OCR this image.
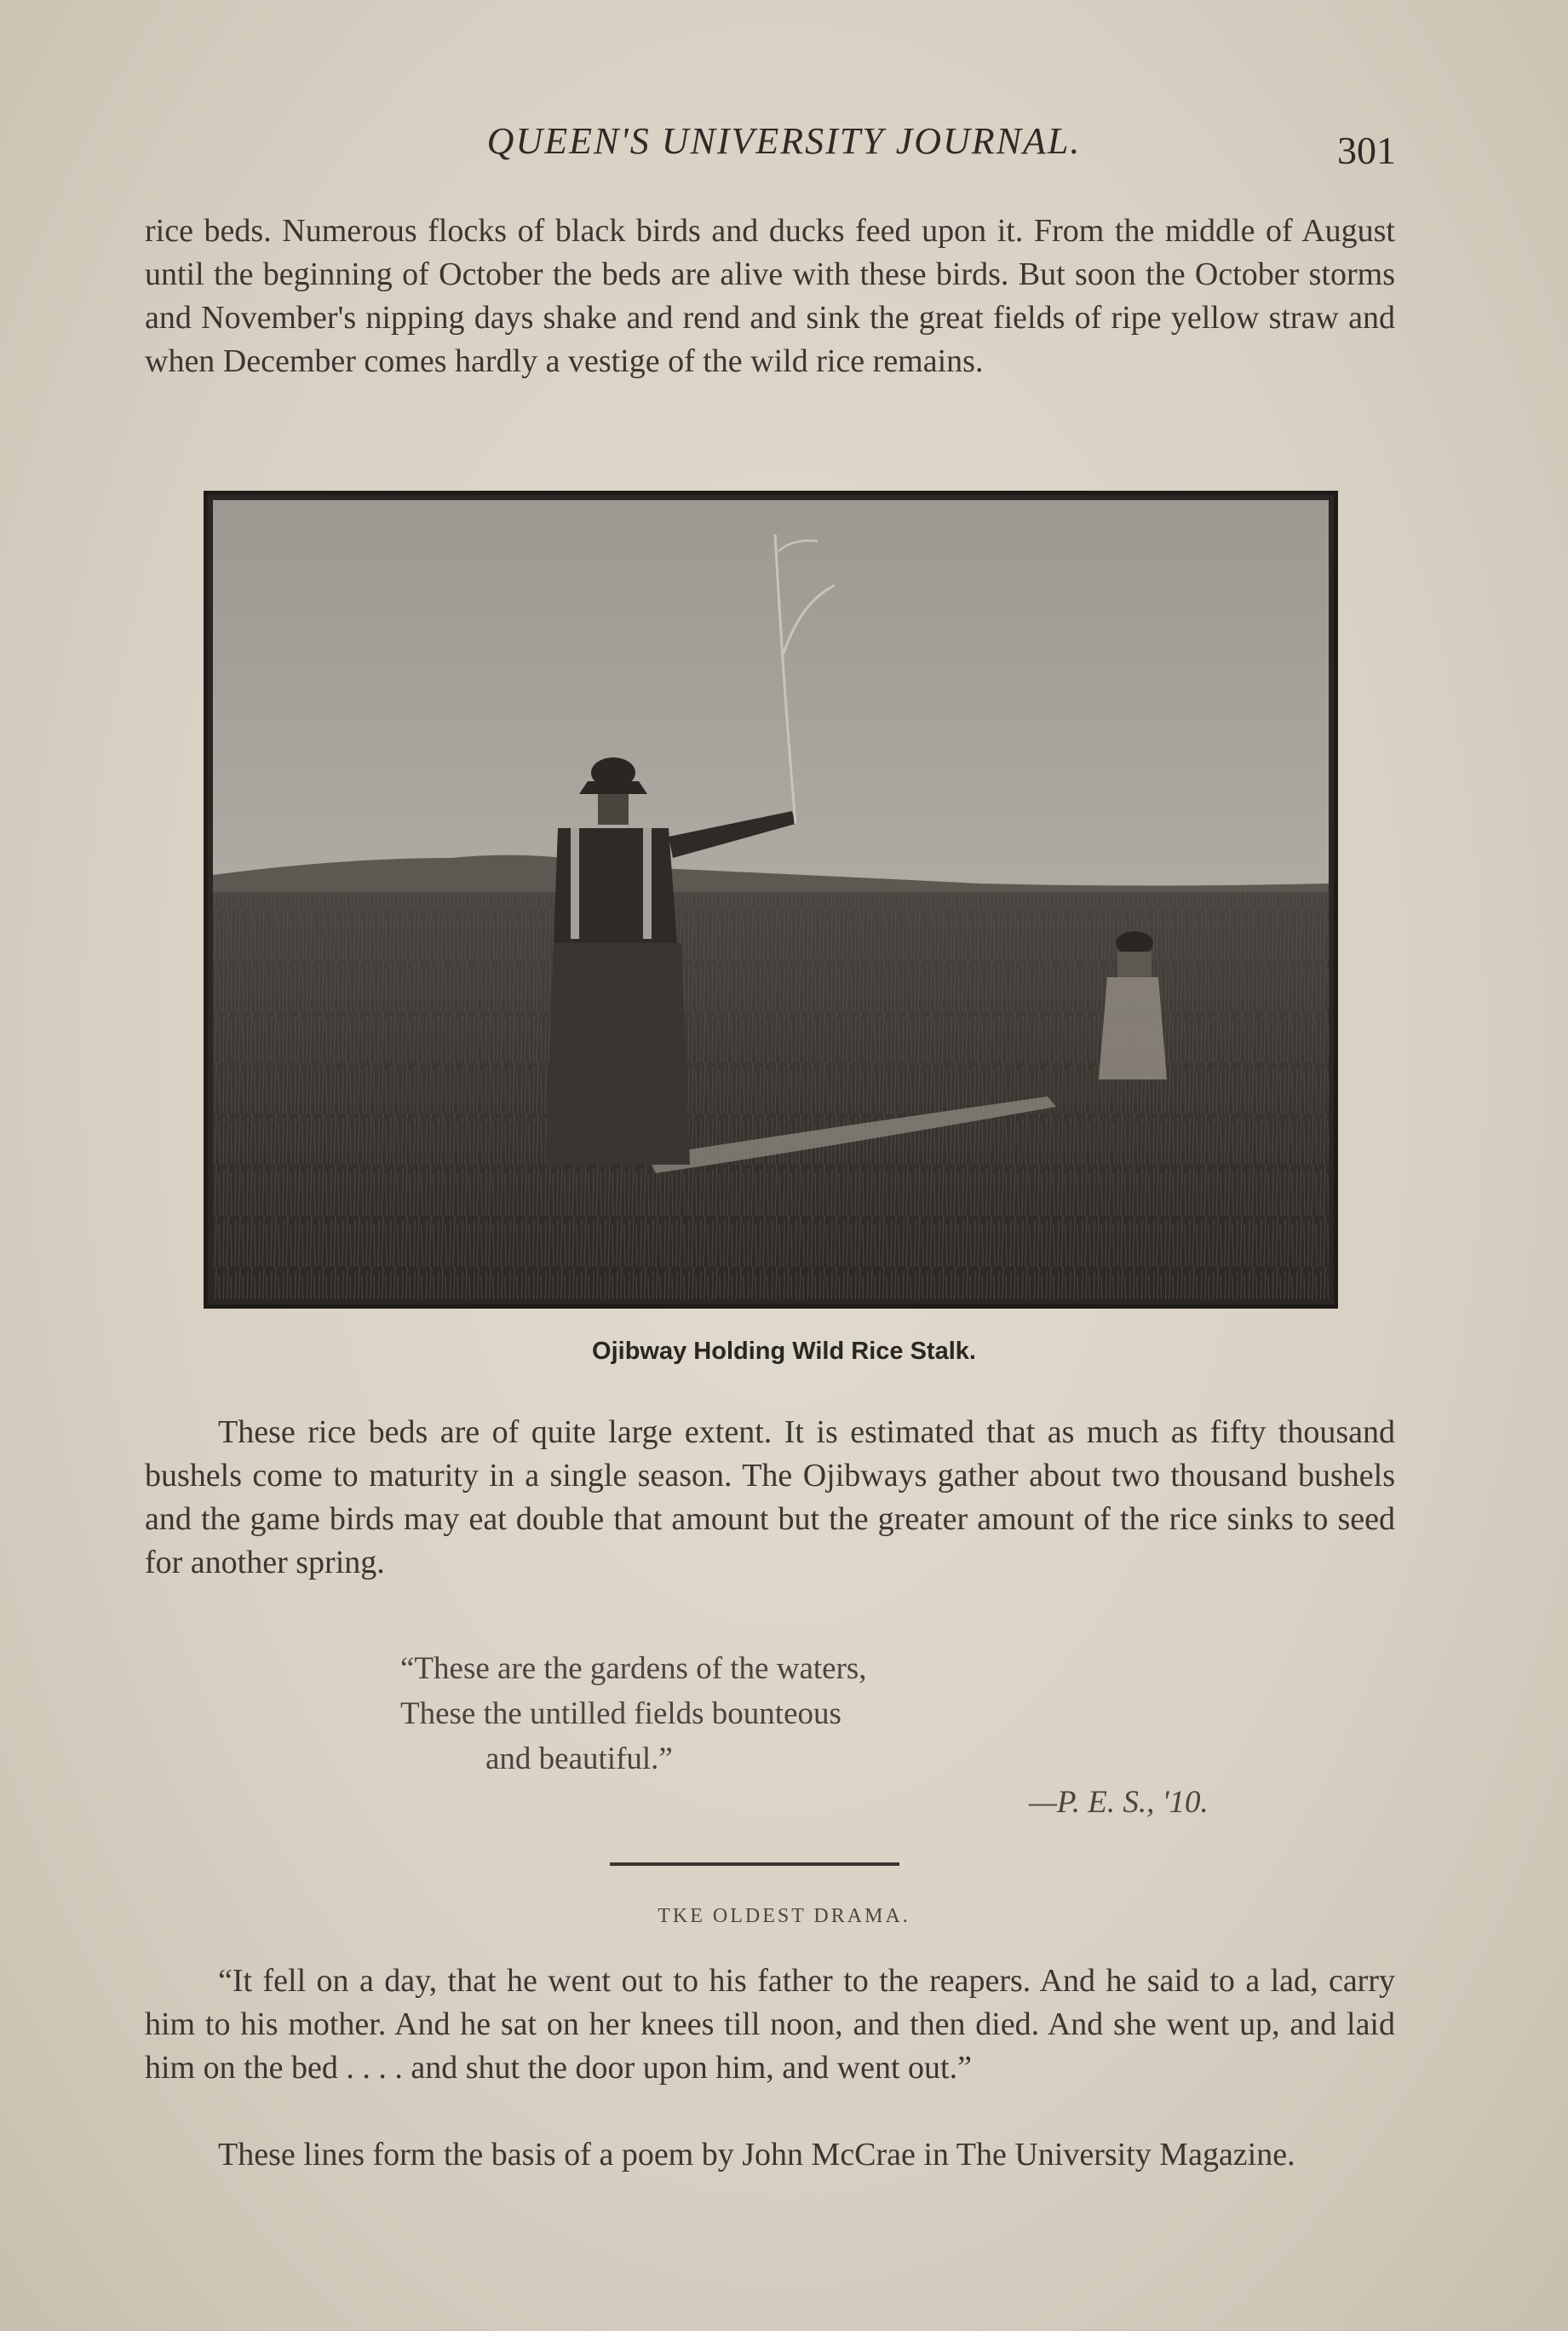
QUEEN'S UNIVERSITY JOURNAL.	301

rice beds. Numerous flocks of black birds and ducks feed upon it. From the middle of August until the beginning of October the beds are alive with these birds. But soon the October storms and November's nipping days shake and rend and sink the great fields of ripe yellow straw and when December comes hardly a vestige of the wild rice remains.

Ojibway Holding Wild Rice Stalk.

These rice beds are of quite large extent. It is estimated that as much as fifty thousand bushels come to maturity in a single season. The Ojibways gather about two thousand bushels and the game birds may eat double that amount but the greater amount of the rice sinks to seed for another spring.

“These are the gardens of the waters,
These the untilled fields bounteous
and beautiful.”
—P. E. S., '10.
TKE OLDEST DRAMA.

“It fell on a day, that he went out to his father to the reapers. And he said to a lad, carry him to his mother. And he sat on her knees till noon, and then died. And she went up, and laid him on the bed . . . . and shut the door upon him, and went out.”

These lines form the basis of a poem by John McCrae in The University Magazine.
